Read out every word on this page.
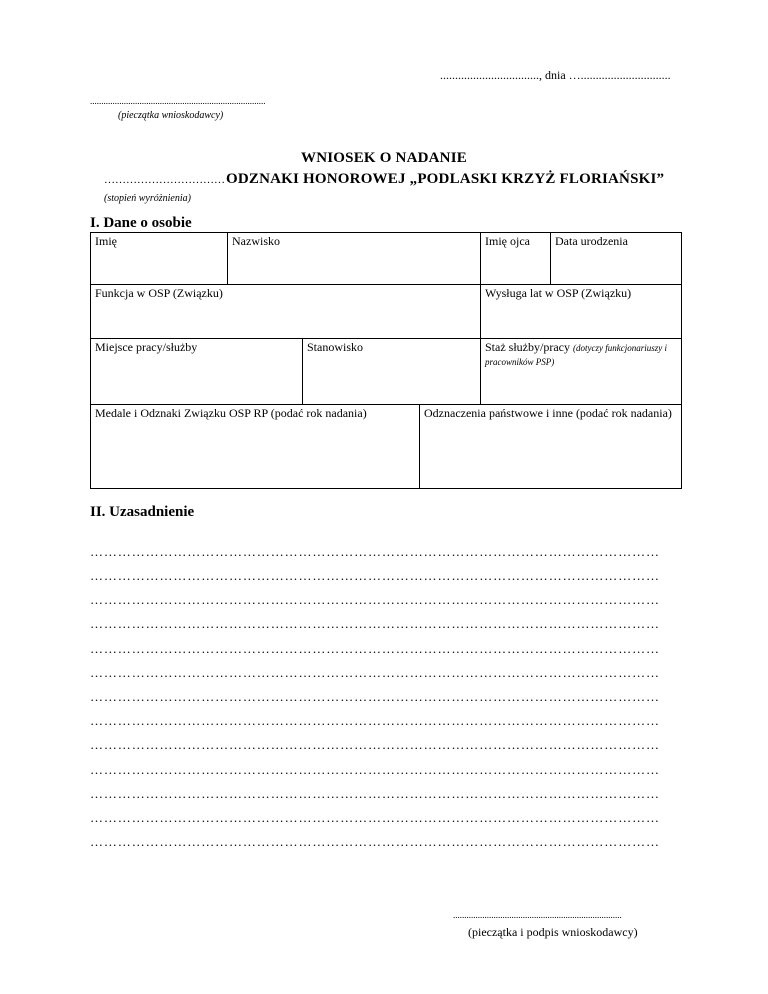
................................., dnia …..............................
..............................................................................
(pieczątka wnioskodawcy)
WNIOSEK O NADANIE
…………………………… ODZNAKI HONOROWEJ „PODLASKI KRZYŻ FLORIAŃSKI”
(stopień wyróżnienia)
I. Dane o osobie
Imię	Nazwisko			Imię ojca	Data urodzenia
Funkcja w OSP (Związku)				Wysługa lat w OSP (Związku)	
Miejsce pracy/służby		Stanowisko		Staż służby/pracy (dotyczy funkcjonariuszy i pracowników PSP)	
Medale i Odznaki Związku OSP RP (podać rok nadania)			Odznaczenia państwowe i inne (podać rok nadania)		
II. Uzasadnienie
……………………………………………………………………………………………………………
……………………………………………………………………………………………………………
……………………………………………………………………………………………………………
……………………………………………………………………………………………………………
……………………………………………………………………………………………………………
……………………………………………………………………………………………………………
……………………………………………………………………………………………………………
……………………………………………………………………………………………………………
……………………………………………………………………………………………………………
……………………………………………………………………………………………………………
……………………………………………………………………………………………………………
……………………………………………………………………………………………………………
……………………………………………………………………………………………………………
...........................................................................
(pieczątka i podpis wnioskodawcy)
